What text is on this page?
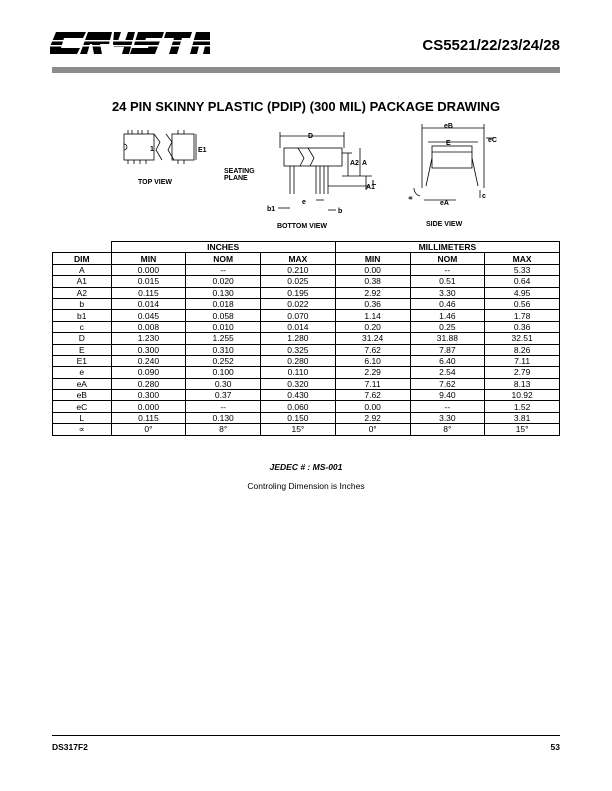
®
CS5521/22/23/24/28
24 PIN SKINNY PLASTIC (PDIP) (300 MIL) PACKAGE DRAWING
1	E1
TOP VIEW
D
A2 A
L
A1
SEATING
PLANE
b1
e
b
BOTTOM VIEW
eB
E	eC
eA
c
∝
SIDE VIEW
	INCHES			MILLIMETERS		
DIM	MIN	NOM	MAX	MIN	NOM	MAX
A	0.000	--	0.210	0.00	--	5.33
A1	0.015	0.020	0.025	0.38	0.51	0.64
A2	0.115	0.130	0.195	2.92	3.30	4.95
b	0.014	0.018	0.022	0.36	0.46	0.56
b1	0.045	0.058	0.070	1.14	1.46	1.78
c	0.008	0.010	0.014	0.20	0.25	0.36
D	1.230	1.255	1.280	31.24	31.88	32.51
E	0.300	0.310	0.325	7.62	7.87	8.26
E1	0.240	0.252	0.280	6.10	6.40	7.11
e	0.090	0.100	0.110	2.29	2.54	2.79
eA	0.280	0.30	0.320	7.11	7.62	8.13
eB	0.300	0.37	0.430	7.62	9.40	10.92
eC	0.000	--	0.060	0.00	--	1.52
L	0.115	0.130	0.150	2.92	3.30	3.81
∝	0°	8°	15°	0°	8°	15°
JEDEC # : MS-001
Controling Dimension is Inches
DS317F2	53
